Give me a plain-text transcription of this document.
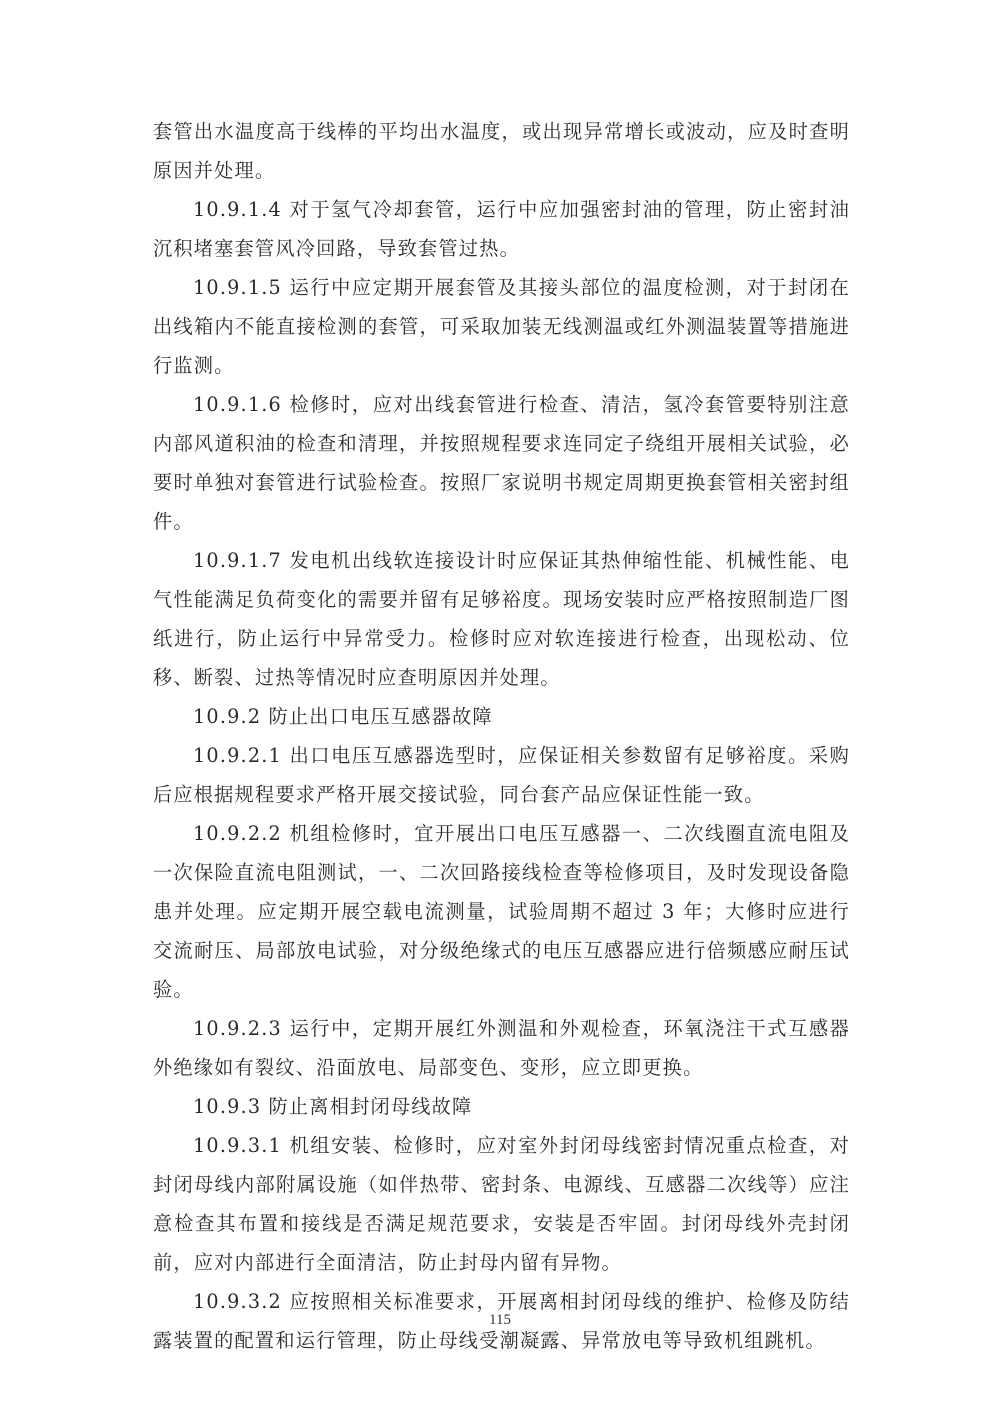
套管出水温度高于线棒的平均出水温度，或出现异常增长或波动，应及时查明原因并处理。

10.9.1.4 对于氢气冷却套管，运行中应加强密封油的管理，防止密封油沉积堵塞套管风冷回路，导致套管过热。

10.9.1.5 运行中应定期开展套管及其接头部位的温度检测，对于封闭在出线箱内不能直接检测的套管，可采取加装无线测温或红外测温装置等措施进行监测。

10.9.1.6 检修时，应对出线套管进行检查、清洁，氢冷套管要特别注意内部风道积油的检查和清理，并按照规程要求连同定子绕组开展相关试验，必要时单独对套管进行试验检查。按照厂家说明书规定周期更换套管相关密封组件。

10.9.1.7 发电机出线软连接设计时应保证其热伸缩性能、机械性能、电气性能满足负荷变化的需要并留有足够裕度。现场安装时应严格按照制造厂图纸进行，防止运行中异常受力。检修时应对软连接进行检查，出现松动、位移、断裂、过热等情况时应查明原因并处理。

10.9.2 防止出口电压互感器故障

10.9.2.1 出口电压互感器选型时，应保证相关参数留有足够裕度。采购后应根据规程要求严格开展交接试验，同台套产品应保证性能一致。

10.9.2.2 机组检修时，宜开展出口电压互感器一、二次线圈直流电阻及一次保险直流电阻测试，一、二次回路接线检查等检修项目，及时发现设备隐患并处理。应定期开展空载电流测量，试验周期不超过 3 年；大修时应进行交流耐压、局部放电试验，对分级绝缘式的电压互感器应进行倍频感应耐压试验。

10.9.2.3 运行中，定期开展红外测温和外观检查，环氧浇注干式互感器外绝缘如有裂纹、沿面放电、局部变色、变形，应立即更换。

10.9.3 防止离相封闭母线故障

10.9.3.1 机组安装、检修时，应对室外封闭母线密封情况重点检查，对封闭母线内部附属设施（如伴热带、密封条、电源线、互感器二次线等）应注意检查其布置和接线是否满足规范要求，安装是否牢固。封闭母线外壳封闭前，应对内部进行全面清洁，防止封母内留有异物。

10.9.3.2 应按照相关标准要求，开展离相封闭母线的维护、检修及防结露装置的配置和运行管理，防止母线受潮凝露、异常放电等导致机组跳机。

115
